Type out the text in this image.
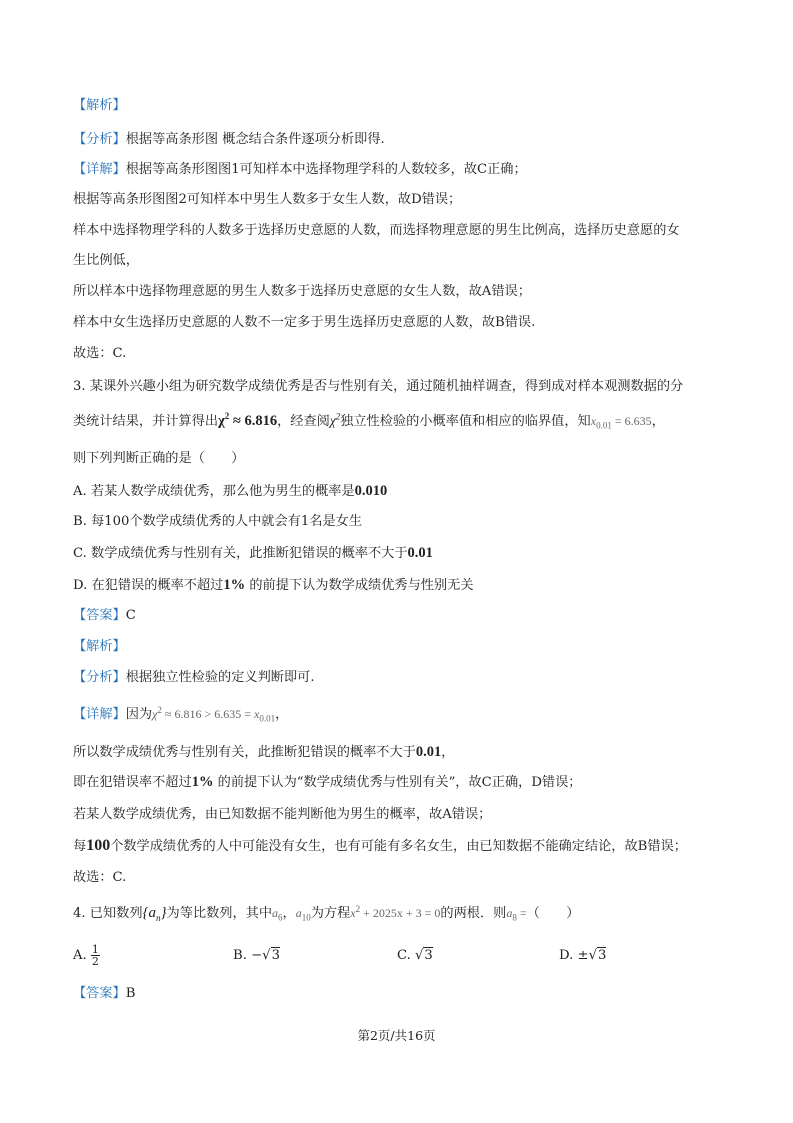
【解析】
【分析】根据等高条形图 概念结合条件逐项分析即得.
【详解】根据等高条形图图1可知样本中选择物理学科的人数较多，故C正确；
根据等高条形图图2可知样本中男生人数多于女生人数，故D错误；
样本中选择物理学科的人数多于选择历史意愿的人数，而选择物理意愿的男生比例高，选择历史意愿的女
生比例低，
所以样本中选择物理意愿的男生人数多于选择历史意愿的女生人数，故A错误；
样本中女生选择历史意愿的人数不一定多于男生选择历史意愿的人数，故B错误.
故选：C.
3. 某课外兴趣小组为研究数学成绩优秀是否与性别有关，通过随机抽样调查，得到成对样本观测数据的分
类统计结果，并计算得出$\chi^2 \approx 6.816$，经查阅$\chi^2$独立性检验的小概率值和相应的临界值，知$x_{0.01} = 6.635$，
则下列判断正确的是（　　）
A. 若某人数学成绩优秀，那么他为男生的概率是0.010
B. 每100个数学成绩优秀的人中就会有1名是女生
C. 数学成绩优秀与性别有关，此推断犯错误的概率不大于0.01
D. 在犯错误的概率不超过1% 的前提下认为数学成绩优秀与性别无关
【答案】C
【解析】
【分析】根据独立性检验的定义判断即可.
【详解】因为$\chi^2 \approx 6.816 > 6.635 = x_{0.01}$，
所以数学成绩优秀与性别有关，此推断犯错误的概率不大于0.01，
即在犯错误率不超过1% 的前提下认为“数学成绩优秀与性别有关”，故C正确，D错误；
若某人数学成绩优秀，由已知数据不能判断他为男生的概率，故A错误；
每100个数学成绩优秀的人中可能没有女生，也有可能有多名女生，由已知数据不能确定结论，故B错误；
故选：C.
4. 已知数列$\{a_n\}$为等比数列，其中$a_6$，$a_{10}$为方程$x^2 + 2025x + 3 = 0$的两根．则$a_8$ =（　　）
A. $\frac{1}{2}$	B. −√3	C. √3	D. ±√3
【答案】B
第2页/共16页
